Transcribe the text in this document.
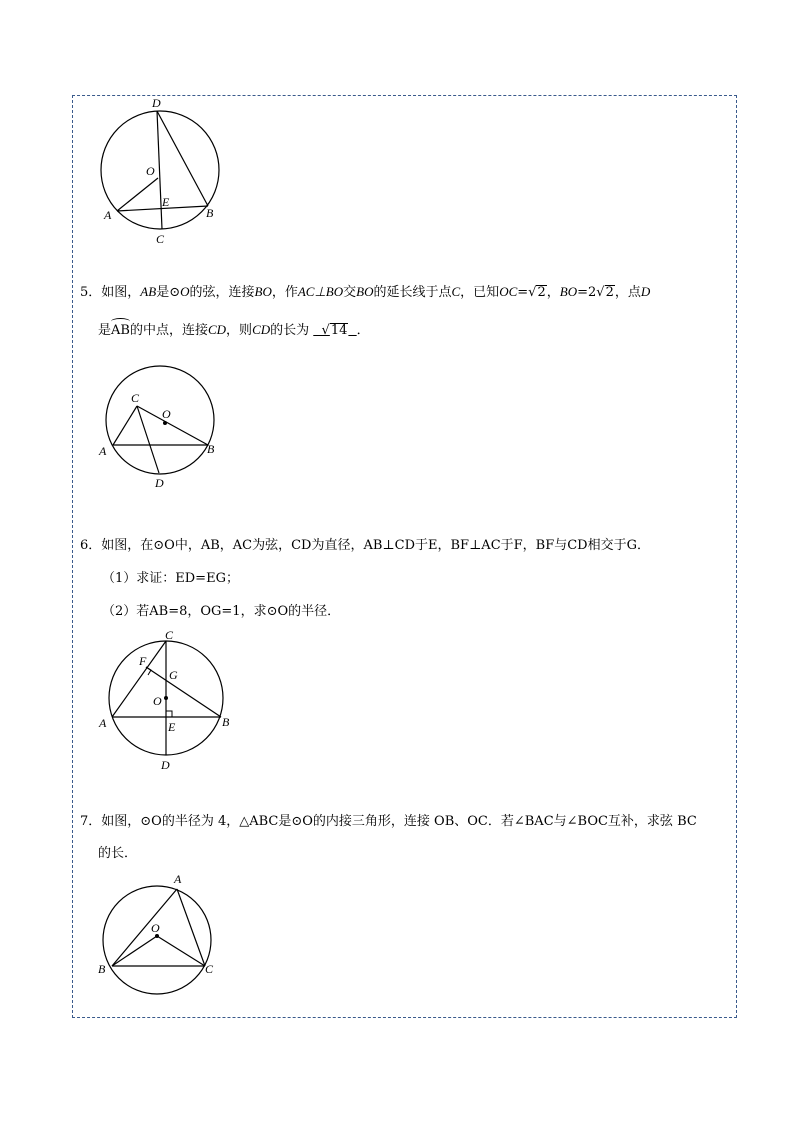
D
O
E
A	B
C
5．如图，AB是⊙O的弦，连接BO，作AC⊥BO交BO的延长线于点C，已知OC=√2，BO=2√2，点D
是AB的中点，连接CD，则CD的长为   √14 ．
C
O
A	B
D
6．如图，在⊙O中，AB，AC为弦，CD为直径，AB⊥CD于E，BF⊥AC于F，BF与CD相交于G．
（1）求证：ED=EG；
（2）若AB=8，OG=1，求⊙O的半径．
C
F
G
O
A	B
E
D
7．如图，⊙O的半径为 4，△ABC是⊙O的内接三角形，连接 OB、OC．若∠BAC与∠BOC互补，求弦 BC
的长．
A
O
B	C
